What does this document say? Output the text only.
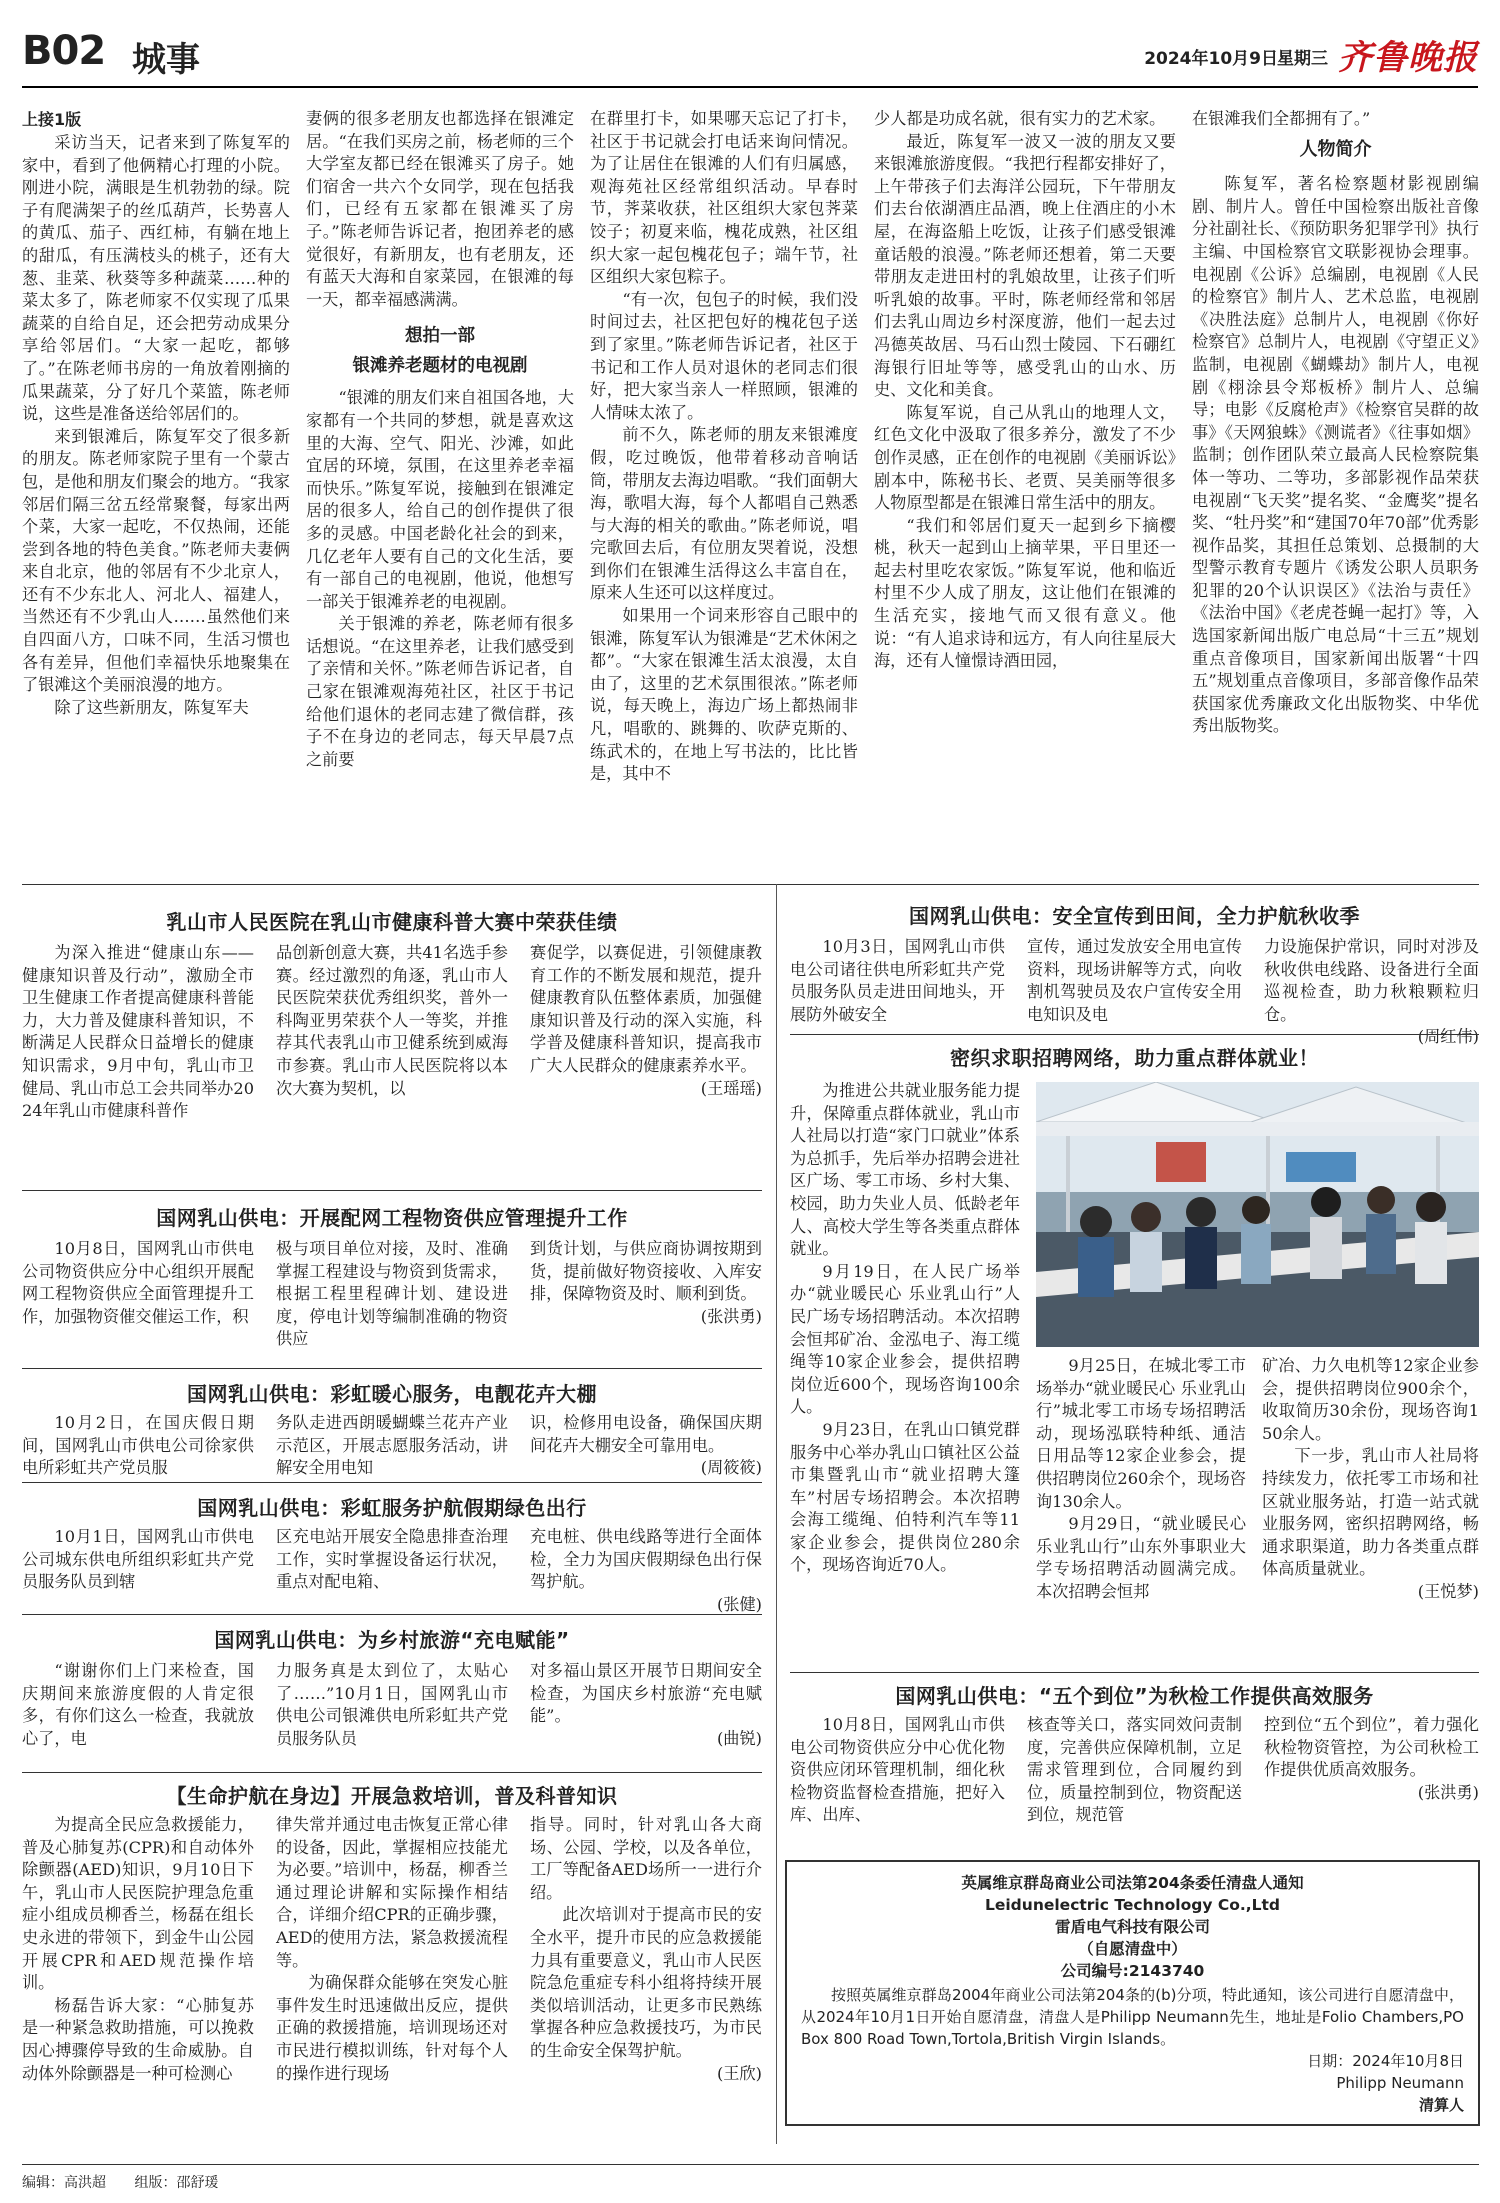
B02 城事	2024年10月9日 星期三 齐鲁晚报
上接1版

采访当天，记者来到了陈复军的家中，看到了他俩精心打理的小院。刚进小院，满眼是生机勃勃的绿。院子有爬满架子的丝瓜葫芦，长势喜人的黄瓜、茄子、西红柿，有躺在地上的甜瓜，有压满枝头的桃子，还有大葱、韭菜、秋葵等多种蔬菜……种的菜太多了，陈老师家不仅实现了瓜果蔬菜的自给自足，还会把劳动成果分享给邻居们。“大家一起吃，都够了。”在陈老师书房的一角放着刚摘的瓜果蔬菜，分了好几个菜篮，陈老师说，这些是准备送给邻居们的。

来到银滩后，陈复军交了很多新的朋友。陈老师家院子里有一个蒙古包，是他和朋友们聚会的地方。“我家邻居们隔三岔五经常聚餐，每家出两个菜，大家一起吃，不仅热闹，还能尝到各地的特色美食。”陈老师夫妻俩来自北京，他的邻居有不少北京人，还有不少东北人、河北人、福建人，当然还有不少乳山人……虽然他们来自四面八方，口味不同，生活习惯也各有差异，但他们幸福快乐地聚集在了银滩这个美丽浪漫的地方。

除了这些新朋友，陈复军夫

妻俩的很多老朋友也都选择在银滩定居。“在我们买房之前，杨老师的三个大学室友都已经在银滩买了房子。她们宿舍一共六个女同学，现在包括我们，已经有五家都在银滩买了房子。”陈老师告诉记者，抱团养老的感觉很好，有新朋友，也有老朋友，还有蓝天大海和自家菜园，在银滩的每一天，都幸福感满满。

想拍一部
银滩养老题材的电视剧

“银滩的朋友们来自祖国各地，大家都有一个共同的梦想，就是喜欢这里的大海、空气、阳光、沙滩，如此宜居的环境，氛围，在这里养老幸福而快乐。”陈复军说，接触到在银滩定居的很多人，给自己的创作提供了很多的灵感。中国老龄化社会的到来，几亿老年人要有自己的文化生活，要有一部自己的电视剧，他说，他想写一部关于银滩养老的电视剧。

关于银滩的养老，陈老师有很多话想说。“在这里养老，让我们感受到了亲情和关怀。”陈老师告诉记者，自己家在银滩观海苑社区，社区于书记给他们退休的老同志建了微信群，孩子不在身边的老同志，每天早晨7点之前要

在群里打卡，如果哪天忘记了打卡，社区于书记就会打电话来询问情况。为了让居住在银滩的人们有归属感，观海苑社区经常组织活动。早春时节，荠菜收获，社区组织大家包荠菜饺子；初夏来临，槐花成熟，社区组织大家一起包槐花包子；端午节，社区组织大家包粽子。

“有一次，包包子的时候，我们没时间过去，社区把包好的槐花包子送到了家里。”陈老师告诉记者，社区于书记和工作人员对退休的老同志们很好，把大家当亲人一样照顾，银滩的人情味太浓了。

前不久，陈老师的朋友来银滩度假，吃过晚饭，他带着移动音响话筒，带朋友去海边唱歌。“我们面朝大海，歌唱大海，每个人都唱自己熟悉与大海的相关的歌曲。”陈老师说，唱完歌回去后，有位朋友哭着说，没想到你们在银滩生活得这么丰富自在，原来人生还可以这样度过。

如果用一个词来形容自己眼中的银滩，陈复军认为银滩是“艺术休闲之都”。“大家在银滩生活太浪漫，太自由了，这里的艺术氛围很浓。”陈老师说，每天晚上，海边广场上都热闹非凡，唱歌的、跳舞的、吹萨克斯的、练武术的，在地上写书法的，比比皆是，其中不

少人都是功成名就，很有实力的艺术家。

最近，陈复军一波又一波的朋友又要来银滩旅游度假。“我把行程都安排好了，上午带孩子们去海洋公园玩，下午带朋友们去台依湖酒庄品酒，晚上住酒庄的小木屋，在海盗船上吃饭，让孩子们感受银滩童话般的浪漫。”陈老师还想着，第二天要带朋友走进田村的乳娘故里，让孩子们听听乳娘的故事。平时，陈老师经常和邻居们去乳山周边乡村深度游，他们一起去过冯德英故居、马石山烈士陵园、下石硼红海银行旧址等等，感受乳山的山水、历史、文化和美食。

陈复军说，自己从乳山的地理人文，红色文化中汲取了很多养分，激发了不少创作灵感，正在创作的电视剧《美丽诉讼》剧本中，陈秘书长、老贾、吴美丽等很多人物原型都是在银滩日常生活中的朋友。

“我们和邻居们夏天一起到乡下摘樱桃，秋天一起到山上摘苹果，平日里还一起去村里吃农家饭。”陈复军说，他和临近村里不少人成了朋友，这让他们在银滩的生活充实，接地气而又很有意义。他说：“有人追求诗和远方，有人向往星辰大海，还有人憧憬诗酒田园，

在银滩我们全都拥有了。”

人物简介

陈复军，著名检察题材影视剧编剧、制片人。曾任中国检察出版社音像分社副社长、《预防职务犯罪学刊》执行主编、中国检察官文联影视协会理事。电视剧《公诉》总编剧，电视剧《人民的检察官》制片人、艺术总监，电视剧《决胜法庭》总制片人，电视剧《你好检察官》总制片人，电视剧《守望正义》监制，电视剧《蝴蝶劫》制片人，电视剧《栩涂县令郑板桥》制片人、总编导；电影《反腐枪声》《检察官吴群的故事》《天网狼蛛》《测谎者》《往事如烟》监制；创作团队荣立最高人民检察院集体一等功、二等功，多部影视作品荣获电视剧“飞天奖”提名奖、“金鹰奖”提名奖、“牡丹奖”和“建国70年70部”优秀影视作品奖，其担任总策划、总摄制的大型警示教育专题片《诱发公职人员职务犯罪的20个认识误区》《法治与责任》《法治中国》《老虎苍蝇一起打》等，入选国家新闻出版广电总局“十三五”规划重点音像项目，国家新闻出版署“十四五”规划重点音像项目，多部音像作品荣获国家优秀廉政文化出版物奖、中华优秀出版物奖。

乳山市人民医院在乳山市健康科普大赛中荣获佳绩

为深入推进“健康山东——健康知识普及行动”，激励全市卫生健康工作者提高健康科普能力，大力普及健康科普知识，不断满足人民群众日益增长的健康知识需求，9月中旬，乳山市卫健局、乳山市总工会共同举办2024年乳山市健康科普作

品创新创意大赛，共41名选手参赛。经过激烈的角逐，乳山市人民医院荣获优秀组织奖，普外一科陶亚男荣获个人一等奖，并推荐其代表乳山市卫健系统到威海市参赛。乳山市人民医院将以本次大赛为契机，以

赛促学，以赛促进，引领健康教育工作的不断发展和规范，提升健康教育队伍整体素质，加强健康知识普及行动的深入实施，科学普及健康科普知识，提高我市广大人民群众的健康素养水平。

(王瑶瑶)
国网乳山供电：开展配网工程物资供应管理提升工作

10月8日，国网乳山市供电公司物资供应分中心组织开展配网工程物资供应全面管理提升工作，加强物资催交催运工作，积

极与项目单位对接，及时、准确掌握工程建设与物资到货需求，根据工程里程碑计划、建设进度，停电计划等编制准确的物资供应

到货计划，与供应商协调按期到货，提前做好物资接收、入库安排，保障物资及时、顺利到货。

(张洪勇)
国网乳山供电：彩虹暖心服务，电靓花卉大棚

10月2日，在国庆假日期间，国网乳山市供电公司徐家供电所彩虹共产党员服

务队走进西朗暖蝴蝶兰花卉产业示范区，开展志愿服务活动，讲解安全用电知

识，检修用电设备，确保国庆期间花卉大棚安全可靠用电。

(周筱筱)
国网乳山供电：彩虹服务护航假期绿色出行

10月1日，国网乳山市供电公司城东供电所组织彩虹共产党员服务队员到辖

区充电站开展安全隐患排查治理工作，实时掌握设备运行状况，重点对配电箱、

充电桩、供电线路等进行全面体检，全力为国庆假期绿色出行保驾护航。

(张健)
国网乳山供电：为乡村旅游“充电赋能”

“谢谢你们上门来检查，国庆期间来旅游度假的人肯定很多，有你们这么一检查，我就放心了，电

力服务真是太到位了，太贴心了……”10月1日，国网乳山市供电公司银滩供电所彩虹共产党员服务队员

对多福山景区开展节日期间安全检查，为国庆乡村旅游“充电赋能”。

(曲锐)
【生命护航在身边】开展急救培训，普及科普知识

为提高全民应急救援能力，普及心肺复苏(CPR)和自动体外除颤器(AED)知识，9月10日下午，乳山市人民医院护理急危重症小组成员柳香兰，杨磊在组长史永进的带领下，到金牛山公园开展CPR和AED规范操作培训。

杨磊告诉大家：“心肺复苏是一种紧急救助措施，可以挽救因心搏骤停导致的生命威胁。自动体外除颤器是一种可检测心

律失常并通过电击恢复正常心律的设备，因此，掌握相应技能尤为必要。”培训中，杨磊，柳香兰通过理论讲解和实际操作相结合，详细介绍CPR的正确步骤，AED的使用方法，紧急救援流程等。

为确保群众能够在突发心脏事件发生时迅速做出反应，提供正确的救援措施，培训现场还对市民进行模拟训练，针对每个人的操作进行现场

指导。同时，针对乳山各大商场、公园、学校，以及各单位，工厂等配备AED场所一一进行介绍。

此次培训对于提高市民的安全水平，提升市民的应急救援能力具有重要意义，乳山市人民医院急危重症专科小组将持续开展类似培训活动，让更多市民熟练掌握各种应急救援技巧，为市民的生命安全保驾护航。

(王欣)
国网乳山供电：安全宣传到田间，全力护航秋收季

10月3日，国网乳山市供电公司诸往供电所彩虹共产党员服务队员走进田间地头，开展防外破安全

宣传，通过发放安全用电宣传资料，现场讲解等方式，向收割机驾驶员及农户宣传安全用电知识及电

力设施保护常识，同时对涉及秋收供电线路、设备进行全面巡视检查，助力秋粮颗粒归仓。

(周红伟)
密织求职招聘网络，助力重点群体就业！

为推进公共就业服务能力提升，保障重点群体就业，乳山市人社局以打造“家门口就业”体系为总抓手，先后举办招聘会进社区广场、零工市场、乡村大集、校园，助力失业人员、低龄老年人、高校大学生等各类重点群体就业。

9月19日，在人民广场举办“就业暖民心 乐业乳山行”人民广场专场招聘活动。本次招聘会恒邦矿冶、金泓电子、海工缆绳等10家企业参会，提供招聘岗位近600个，现场咨询100余人。

9月23日，在乳山口镇党群服务中心举办乳山口镇社区公益市集暨乳山市“就业招聘大篷车”村居专场招聘会。本次招聘会海工缆绳、伯特利汽车等11家企业参会，提供岗位280余个，现场咨询近70人。

9月25日，在城北零工市场举办“就业暖民心 乐业乳山行”城北零工市场专场招聘活动，现场泓联特种纸、通洁日用品等12家企业参会，提供招聘岗位260余个，现场咨询130余人。

9月29日，“就业暖民心 乐业乳山行”山东外事职业大学专场招聘活动圆满完成。本次招聘会恒邦

矿冶、力久电机等12家企业参会，提供招聘岗位900余个，收取简历30余份，现场咨询150余人。

下一步，乳山市人社局将持续发力，依托零工市场和社区就业服务站，打造一站式就业服务网，密织招聘网络，畅通求职渠道，助力各类重点群体高质量就业。

(王悦梦)
国网乳山供电：“五个到位”为秋检工作提供高效服务

10月8日，国网乳山市供电公司物资供应分中心优化物资供应闭环管理机制，细化秋检物资监督检查措施，把好入库、出库、

核查等关口，落实同效问责制度，完善供应保障机制，立足需求管理到位，合同履约到位，质量控制到位，物资配送到位，规范管

控到位“五个到位”，着力强化秋检物资管控，为公司秋检工作提供优质高效服务。

(张洪勇)
英属维京群岛商业公司法第204条委任清盘人通知
Leidunelectric Technology Co.,Ltd
雷盾电气科技有限公司
（自愿清盘中）
公司编号:2143740
按照英属维京群岛2004年商业公司法第204条的(b)分项，特此通知，该公司进行自愿清盘中，从2024年10月1日开始自愿清盘，清盘人是Philipp Neumann先生，地址是Folio Chambers,PO Box 800 Road Town,Tortola,British Virgin Islands。
日期：2024年10月8日
Philipp Neumann
清算人
编辑：高洪超 组版：邵舒瑗
